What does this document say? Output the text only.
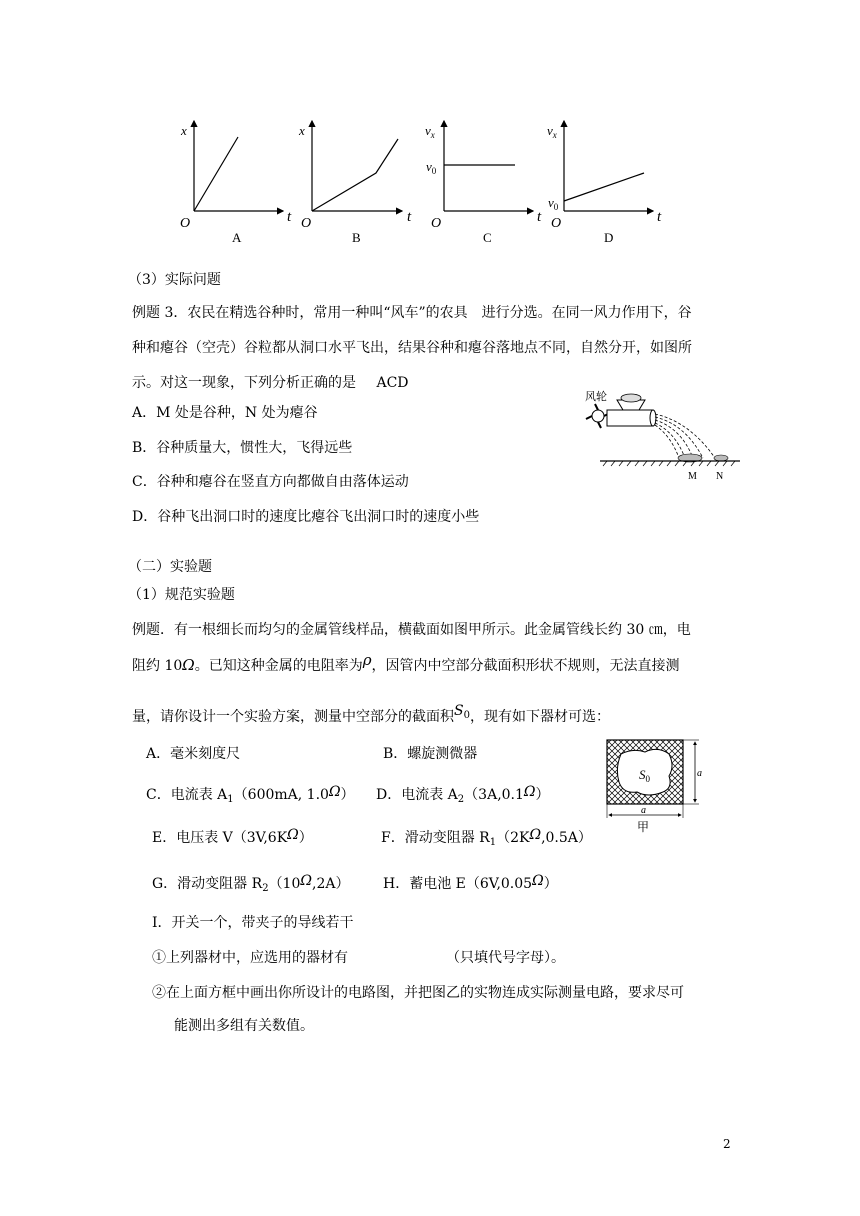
x
t
O
A
x
t
O
B
$v_x$
$v_0$
t
O
C
$v_x$
$v_0$
t
O
D
（3）实际问题
例题 3．农民在精选谷种时，常用一种叫“风车”的农具　进行分选。在同一风力作用下，谷
种和瘪谷（空壳）谷粒都从洞口水平飞出，结果谷种和瘪谷落地点不同，自然分开，如图所
示。对这一现象，下列分析正确的是 ACD
A．M 处是谷种，N 处为瘪谷
B．谷种质量大，惯性大，飞得远些
C．谷种和瘪谷在竖直方向都做自由落体运动
D．谷种飞出洞口时的速度比瘪谷飞出洞口时的速度小些
风轮
M N
（二）实验题
（1）规范实验题
例题．有一根细长而均匀的金属管线样品，横截面如图甲所示。此金属管线长约 30 ㎝，电
阻约 10Ω。已知这种金属的电阻率为ρ，因管内中空部分截面积形状不规则，无法直接测
量，请你设计一个实验方案，测量中空部分的截面积$S_0$，现有如下器材可选：
A．毫米刻度尺	B．螺旋测微器
C．电流表 $A_1(600mA$, 1.0Ω） D．电流表 $A_2(3A,0.1\Omega)$
E．电压表 V（3V,6KΩ）	F．滑动变阻器 $R_1(2K\Omega,0.5A)$
G．滑动变阻器 $R_2(10\Omega,2A)$ H．蓄电池 E（6V,0.05Ω）
I．开关一个，带夹子的导线若干
①上列器材中，应选用的器材有	（只填代号字母）。
②在上面方框中画出你所设计的电路图，并把图乙的实物连成实际测量电路，要求尽可
能测出多组有关数值。
$S_0$	a
a
甲
2
